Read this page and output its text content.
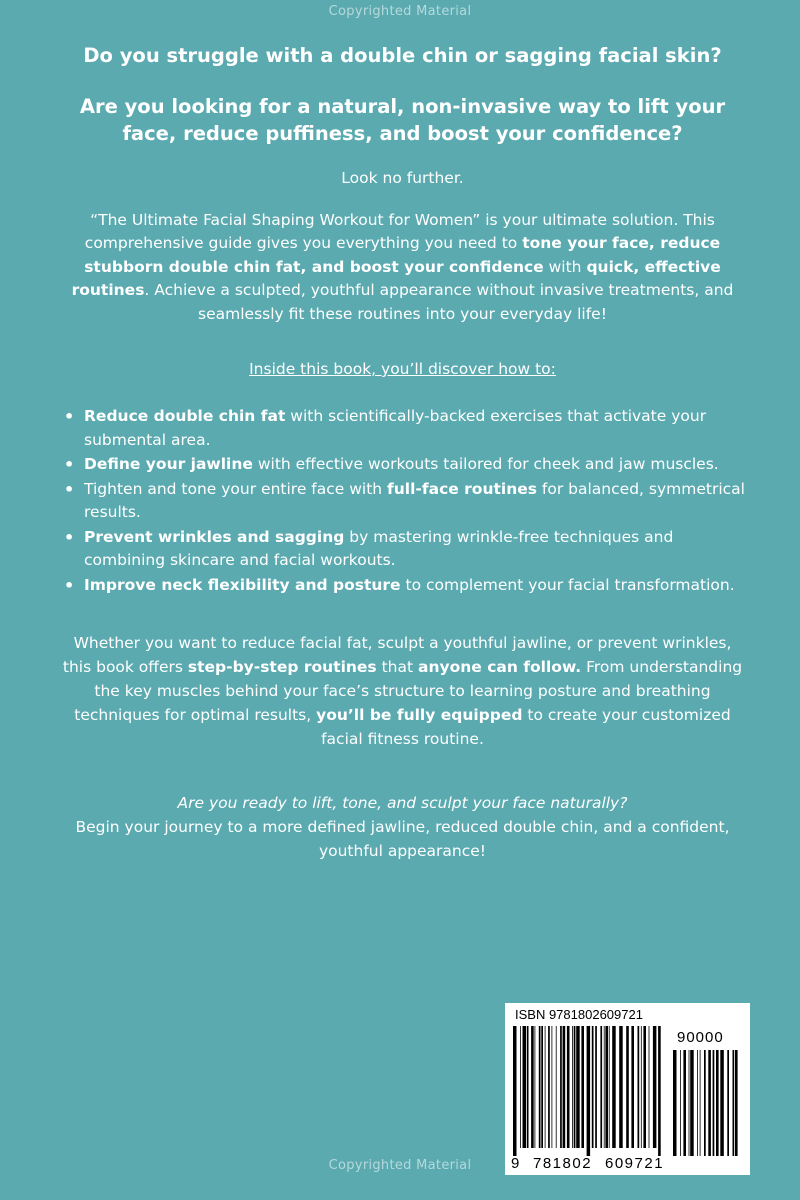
Copyrighted Material

Do you struggle with a double chin or sagging facial skin?

Are you looking for a natural, non-invasive way to lift your face, reduce puffiness, and boost your confidence?

Look no further.

“The Ultimate Facial Shaping Workout for Women” is your ultimate solution. This comprehensive guide gives you everything you need to tone your face, reduce stubborn double chin fat, and boost your confidence with quick, effective routines. Achieve a sculpted, youthful appearance without invasive treatments, and seamlessly fit these routines into your everyday life!

Inside this book, you’ll discover how to:

• Reduce double chin fat with scientifically-backed exercises that activate your submental area.
• Define your jawline with effective workouts tailored for cheek and jaw muscles.
• Tighten and tone your entire face with full-face routines for balanced, symmetrical results.
• Prevent wrinkles and sagging by mastering wrinkle-free techniques and combining skincare and facial workouts.
• Improve neck flexibility and posture to complement your facial transformation.

Whether you want to reduce facial fat, sculpt a youthful jawline, or prevent wrinkles, this book offers step-by-step routines that anyone can follow. From understanding the key muscles behind your face’s structure to learning posture and breathing techniques for optimal results, you’ll be fully equipped to create your customized facial fitness routine.

Are you ready to lift, tone, and sculpt your face naturally?

Begin your journey to a more defined jawline, reduced double chin, and a confident, youthful appearance!

ISBN 9781802609721
90000
9 781802 609721
Copyrighted Material
